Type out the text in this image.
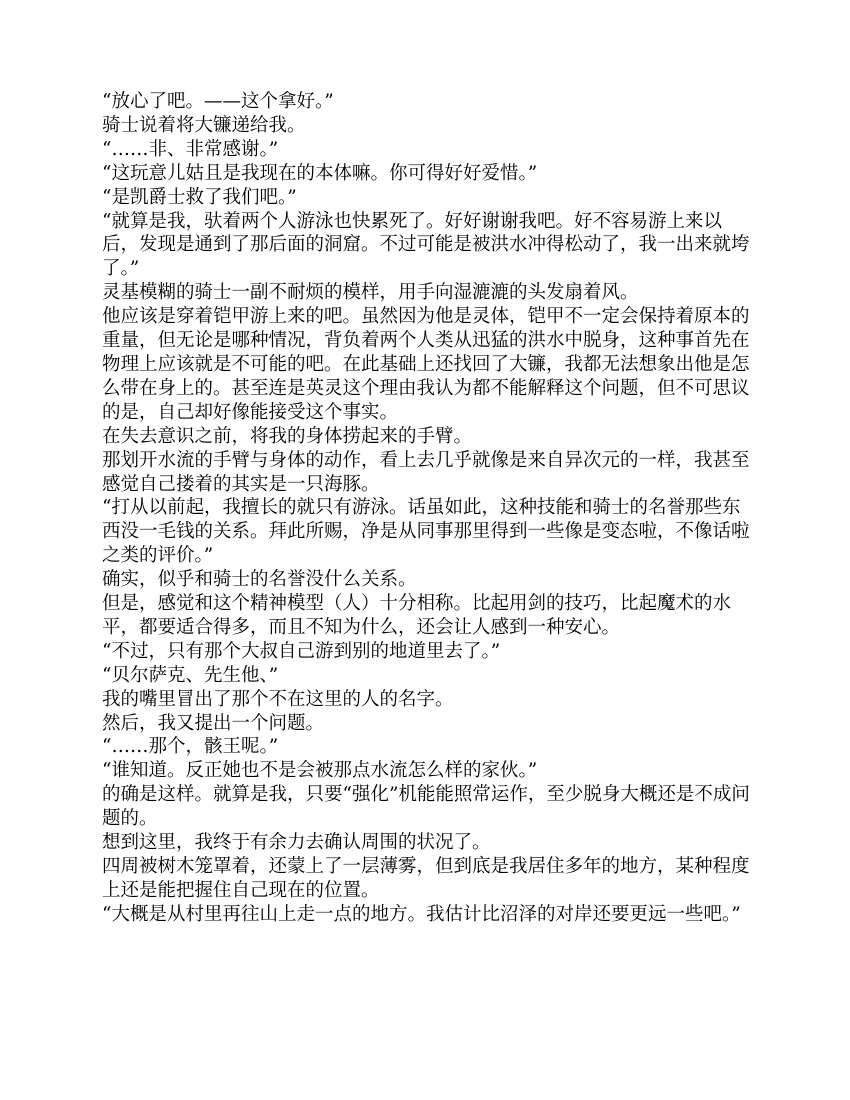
“放心了吧。——这个拿好。”

骑士说着将大镰递给我。

“……非、非常感谢。”

“这玩意儿姑且是我现在的本体嘛。你可得好好爱惜。”

“是凯爵士救了我们吧。”

“就算是我，驮着两个人游泳也快累死了。好好谢谢我吧。好不容易游上来以后，发现是通到了那后面的洞窟。不过可能是被洪水冲得松动了，我一出来就垮了。”

灵基模糊的骑士一副不耐烦的模样，用手向湿漉漉的头发扇着风。

他应该是穿着铠甲游上来的吧。虽然因为他是灵体，铠甲不一定会保持着原本的重量，但无论是哪种情况，背负着两个人类从迅猛的洪水中脱身，这种事首先在物理上应该就是不可能的吧。在此基础上还找回了大镰，我都无法想象出他是怎么带在身上的。甚至连是英灵这个理由我认为都不能解释这个问题，但不可思议的是，自己却好像能接受这个事实。

在失去意识之前，将我的身体捞起来的手臂。

那划开水流的手臂与身体的动作，看上去几乎就像是来自异次元的一样，我甚至感觉自己搂着的其实是一只海豚。

“打从以前起，我擅长的就只有游泳。话虽如此，这种技能和骑士的名誉那些东西没一毛钱的关系。拜此所赐，净是从同事那里得到一些像是变态啦，不像话啦之类的评价。”

确实，似乎和骑士的名誉没什么关系。

但是，感觉和这个精神模型（人）十分相称。比起用剑的技巧，比起魔术的水平，都要适合得多，而且不知为什么，还会让人感到一种安心。

“不过，只有那个大叔自己游到别的地道里去了。”

“贝尔萨克、先生他、”

我的嘴里冒出了那个不在这里的人的名字。

然后，我又提出一个问题。

“……那个，骸王呢。”

“谁知道。反正她也不是会被那点水流怎么样的家伙。”

的确是这样。就算是我，只要“强化”机能能照常运作，至少脱身大概还是不成问题的。

想到这里，我终于有余力去确认周围的状况了。

四周被树木笼罩着，还蒙上了一层薄雾，但到底是我居住多年的地方，某种程度上还是能把握住自己现在的位置。

“大概是从村里再往山上走一点的地方。我估计比沼泽的对岸还要更远一些吧。”
